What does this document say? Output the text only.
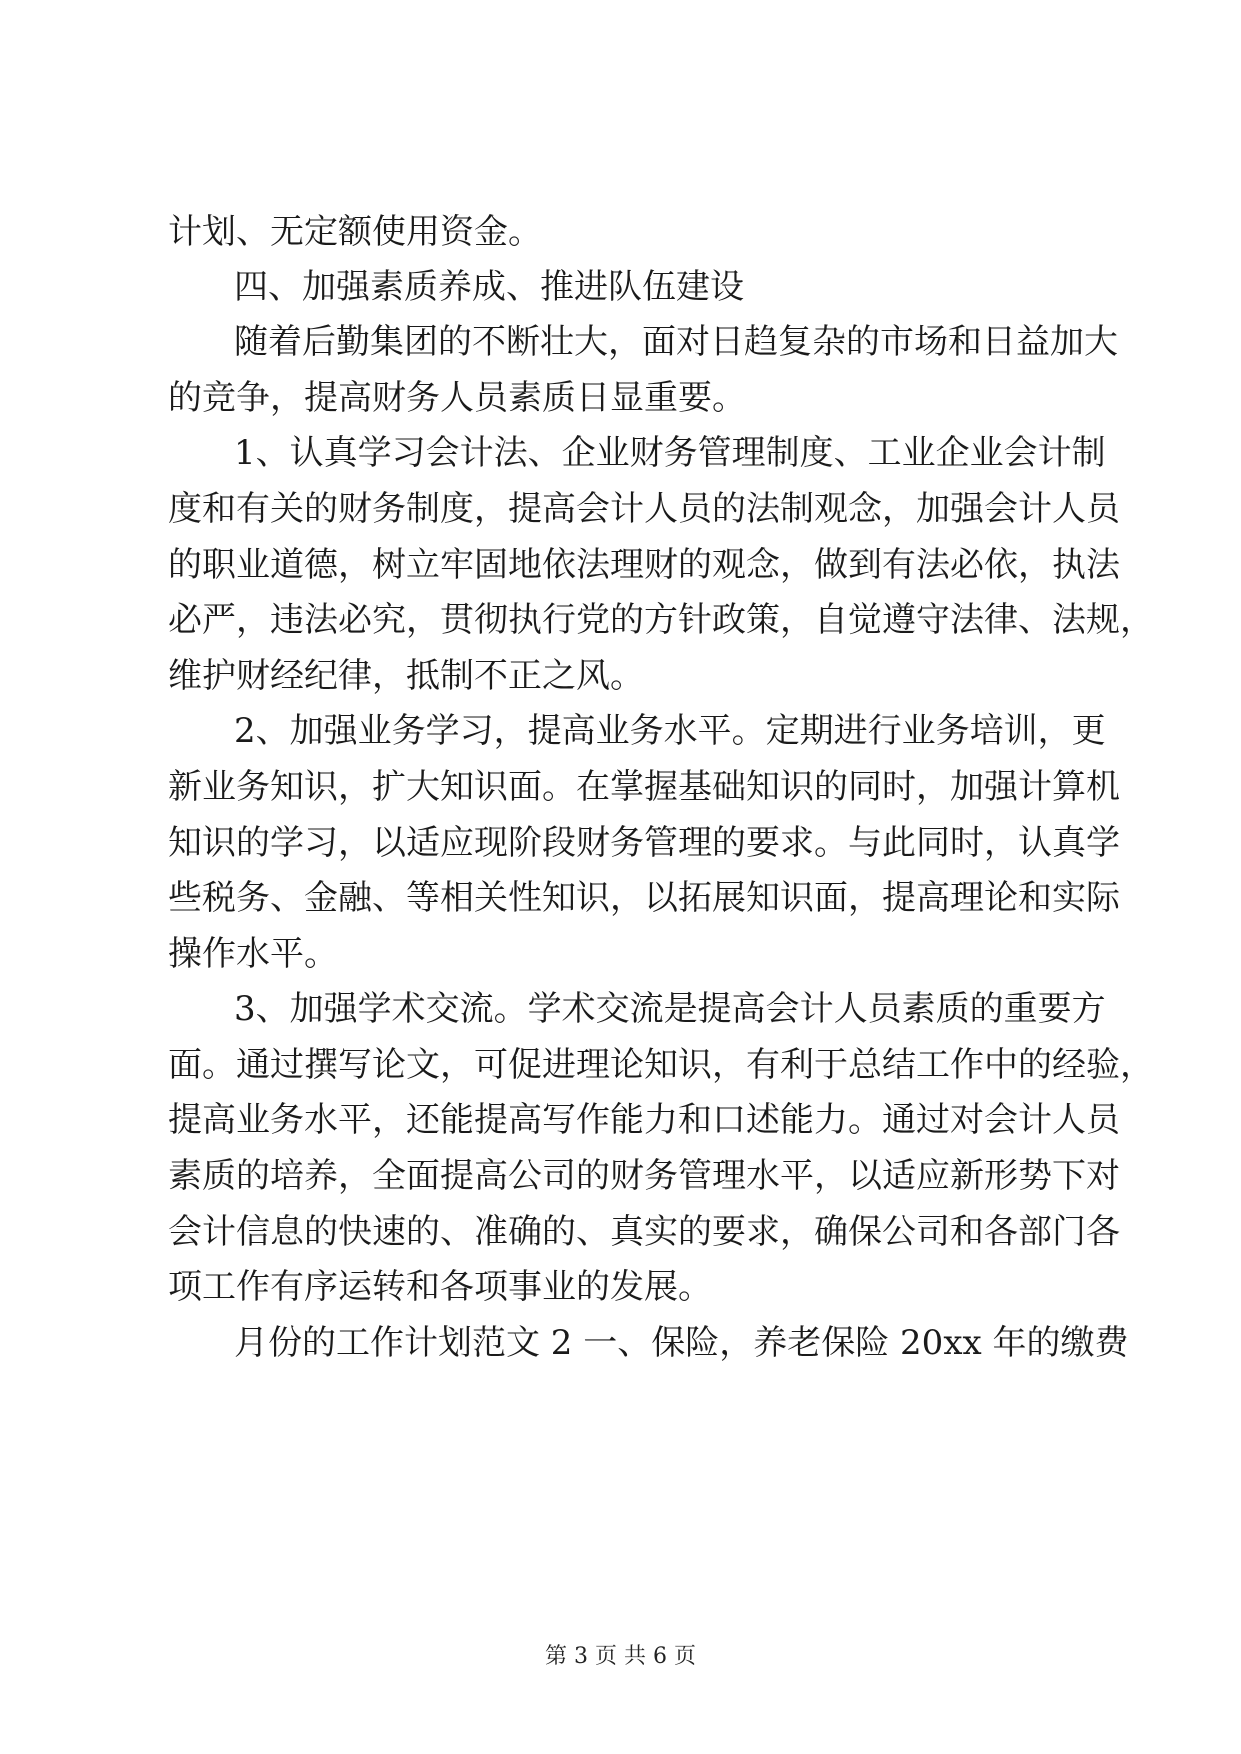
计划、无定额使用资金。
四、加强素质养成、推进队伍建设
随着后勤集团的不断壮大，面对日趋复杂的市场和日益加大
的竞争，提高财务人员素质日显重要。
1、认真学习会计法、企业财务管理制度、工业企业会计制
度和有关的财务制度，提高会计人员的法制观念，加强会计人员
的职业道德，树立牢固地依法理财的观念，做到有法必依，执法
必严，违法必究，贯彻执行党的方针政策，自觉遵守法律、法规，
维护财经纪律，抵制不正之风。
2、加强业务学习，提高业务水平。定期进行业务培训，更
新业务知识，扩大知识面。在掌握基础知识的同时，加强计算机
知识的学习，以适应现阶段财务管理的要求。与此同时，认真学
些税务、金融、等相关性知识，以拓展知识面，提高理论和实际
操作水平。
3、加强学术交流。学术交流是提高会计人员素质的重要方
面。通过撰写论文，可促进理论知识，有利于总结工作中的经验，
提高业务水平，还能提高写作能力和口述能力。通过对会计人员
素质的培养，全面提高公司的财务管理水平，以适应新形势下对
会计信息的快速的、准确的、真实的要求，确保公司和各部门各
项工作有序运转和各项事业的发展。
月份的工作计划范文 2 一、保险，养老保险 20xx 年的缴费
第 3 页 共 6 页
